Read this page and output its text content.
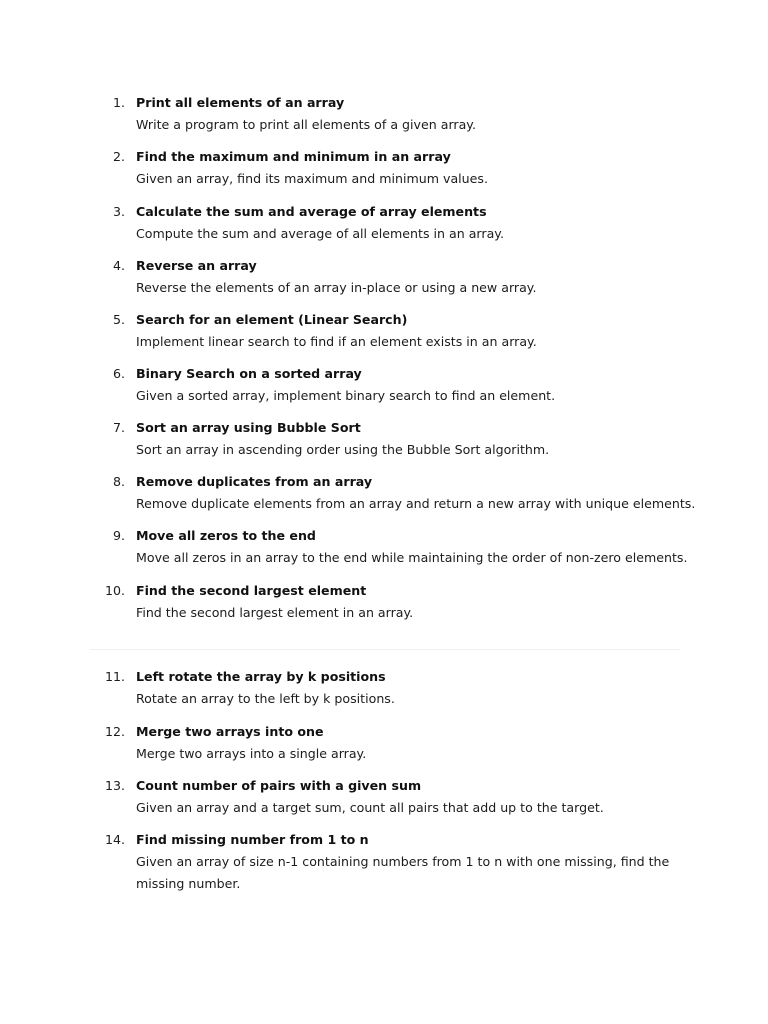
1. Print all elements of an array
Write a program to print all elements of a given array.
2. Find the maximum and minimum in an array
Given an array, find its maximum and minimum values.
3. Calculate the sum and average of array elements
Compute the sum and average of all elements in an array.
4. Reverse an array
Reverse the elements of an array in-place or using a new array.
5. Search for an element (Linear Search)
Implement linear search to find if an element exists in an array.
6. Binary Search on a sorted array
Given a sorted array, implement binary search to find an element.
7. Sort an array using Bubble Sort
Sort an array in ascending order using the Bubble Sort algorithm.
8. Remove duplicates from an array
Remove duplicate elements from an array and return a new array with unique elements.
9. Move all zeros to the end
Move all zeros in an array to the end while maintaining the order of non-zero elements.
10. Find the second largest element
Find the second largest element in an array.
11. Left rotate the array by k positions
Rotate an array to the left by k positions.
12. Merge two arrays into one
Merge two arrays into a single array.
13. Count number of pairs with a given sum
Given an array and a target sum, count all pairs that add up to the target.
14. Find missing number from 1 to n
Given an array of size n-1 containing numbers from 1 to n with one missing, find the missing number.
